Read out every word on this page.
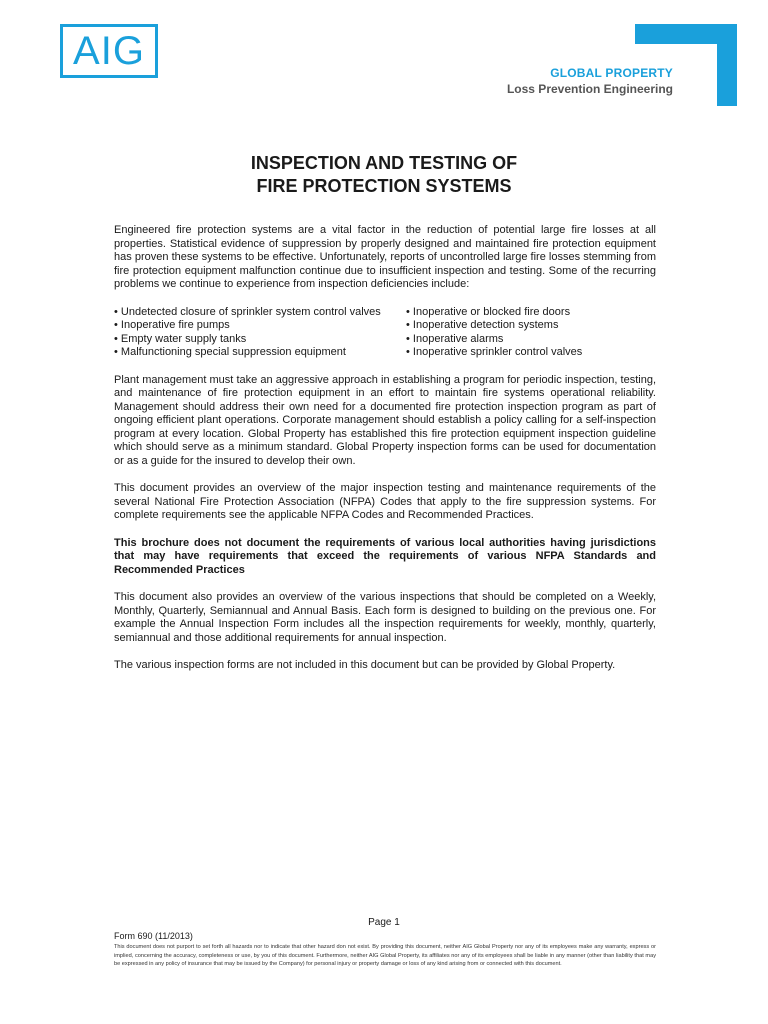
AIG	GLOBAL PROPERTY
Loss Prevention Engineering
INSPECTION AND TESTING OF
FIRE PROTECTION SYSTEMS

Engineered fire protection systems are a vital factor in the reduction of potential large fire losses at all properties. Statistical evidence of suppression by properly designed and maintained fire protection equipment has proven these systems to be effective. Unfortunately, reports of uncontrolled large fire losses stemming from fire protection equipment malfunction continue due to insufficient inspection and testing. Some of the recurring problems we continue to experience from inspection deficiencies include:

• Undetected closure of sprinkler system control valves
• Inoperative fire pumps
• Empty water supply tanks
• Malfunctioning special suppression equipment
• Inoperative or blocked fire doors
• Inoperative detection systems
• Inoperative alarms
• Inoperative sprinkler control valves

Plant management must take an aggressive approach in establishing a program for periodic inspection, testing, and maintenance of fire protection equipment in an effort to maintain fire systems operational reliability. Management should address their own need for a documented fire protection inspection program as part of ongoing efficient plant operations. Corporate management should establish a policy calling for a self-inspection program at every location. Global Property has established this fire protection equipment inspection guideline which should serve as a minimum standard. Global Property inspection forms can be used for documentation or as a guide for the insured to develop their own.

This document provides an overview of the major inspection testing and maintenance requirements of the several National Fire Protection Association (NFPA) Codes that apply to the fire suppression systems. For complete requirements see the applicable NFPA Codes and Recommended Practices.

This brochure does not document the requirements of various local authorities having jurisdictions that may have requirements that exceed the requirements of various NFPA Standards and Recommended Practices

This document also provides an overview of the various inspections that should be completed on a Weekly, Monthly, Quarterly, Semiannual and Annual Basis. Each form is designed to building on the previous one. For example the Annual Inspection Form includes all the inspection requirements for weekly, monthly, quarterly, semiannual and those additional requirements for annual inspection.

The various inspection forms are not included in this document but can be provided by Global Property.

Page 1
Form 690 (11/2013)
This document does not purport to set forth all hazards nor to indicate that other hazard don not exist. By providing this document, neither AIG Global Property nor any of its employees make any warranty, express or implied, concerning the accuracy, completeness or use, by you of this document. Furthermore, neither AIG Global Property, its affiliates nor any of its employees shall be liable in any manner (other than liability that may be expressed in any policy of insurance that may be issued by the Company) for personal injury or property damage or loss of any kind arising from or connected with this document.
